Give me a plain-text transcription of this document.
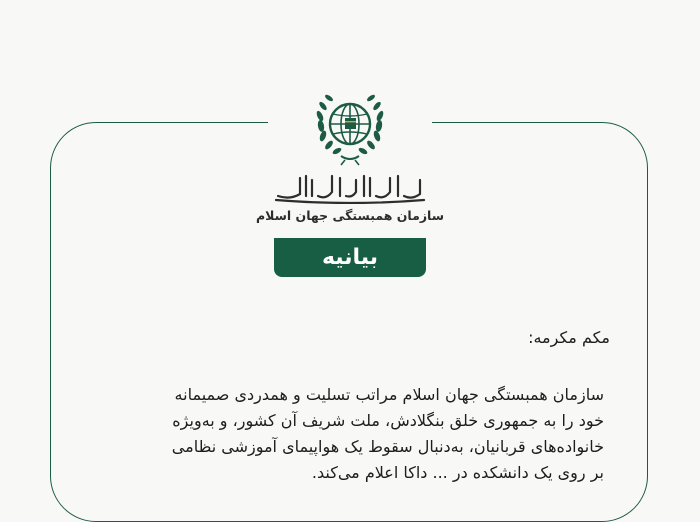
سازمان همبستگی جهان اسلام
بیانیه
مکم مکرمه:
سازمان همبستگی جهان اسلام مراتب تسلیت و همدردی صمیمانه
خود را به جمهوری خلق بنگلادش، ملت شریف آن کشور، و به‌ویژه
خانواده‌های قربانیان، به‌دنبال سقوط یک هواپیمای آموزشی نظامی
بر روی یک دانشکده در ... داکا اعلام می‌کند.
